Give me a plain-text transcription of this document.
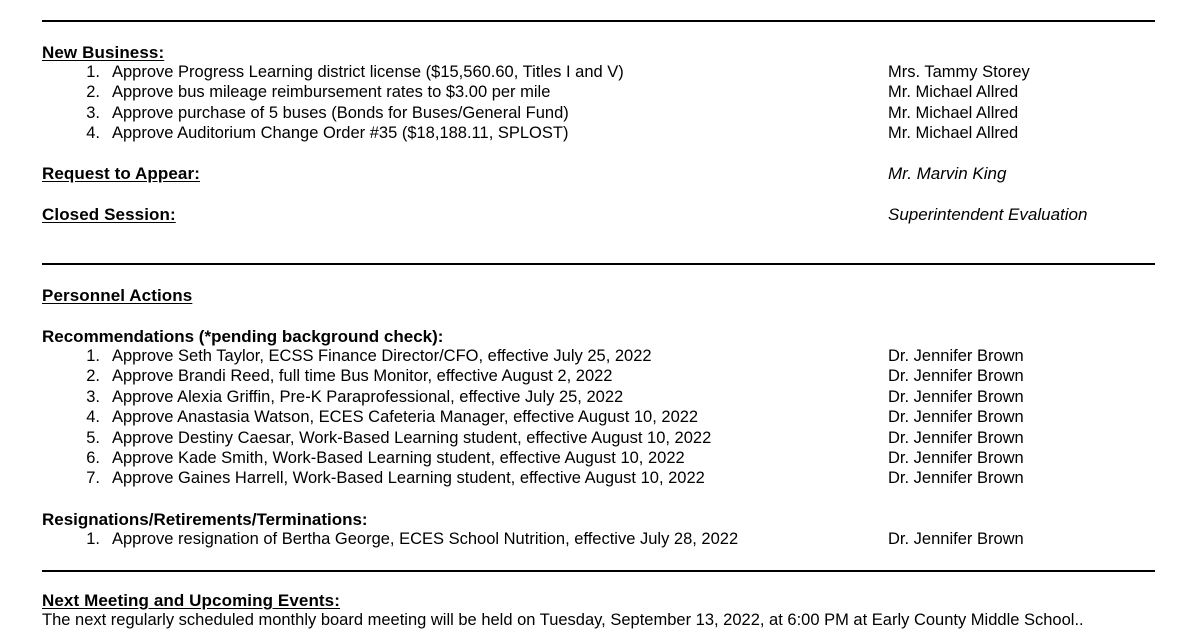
New Business:
1. Approve Progress Learning district license ($15,560.60, Titles I and V)	Mrs. Tammy Storey
2. Approve bus mileage reimbursement rates to $3.00 per mile	Mr. Michael Allred
3. Approve purchase of 5 buses (Bonds for Buses/General Fund)	Mr. Michael Allred
4. Approve Auditorium Change Order #35 ($18,188.11, SPLOST)	Mr. Michael Allred
Request to Appear:	Mr. Marvin King
Closed Session:	Superintendent Evaluation
Personnel Actions
Recommendations (*pending background check):
1. Approve Seth Taylor, ECSS Finance Director/CFO, effective July 25, 2022	Dr. Jennifer Brown
2. Approve Brandi Reed, full time Bus Monitor, effective August 2, 2022	Dr. Jennifer Brown
3. Approve Alexia Griffin, Pre-K Paraprofessional, effective July 25, 2022	Dr. Jennifer Brown
4. Approve Anastasia Watson, ECES Cafeteria Manager, effective August 10, 2022	Dr. Jennifer Brown
5. Approve Destiny Caesar, Work-Based Learning student, effective August 10, 2022	Dr. Jennifer Brown
6. Approve Kade Smith, Work-Based Learning student, effective August 10, 2022	Dr. Jennifer Brown
7. Approve Gaines Harrell, Work-Based Learning student, effective August 10, 2022	Dr. Jennifer Brown
Resignations/Retirements/Terminations:
1. Approve resignation of Bertha George, ECES School Nutrition, effective July 28, 2022	Dr. Jennifer Brown
Next Meeting and Upcoming Events:
The next regularly scheduled monthly board meeting will be held on Tuesday, September 13, 2022, at 6:00 PM at Early County Middle School..
